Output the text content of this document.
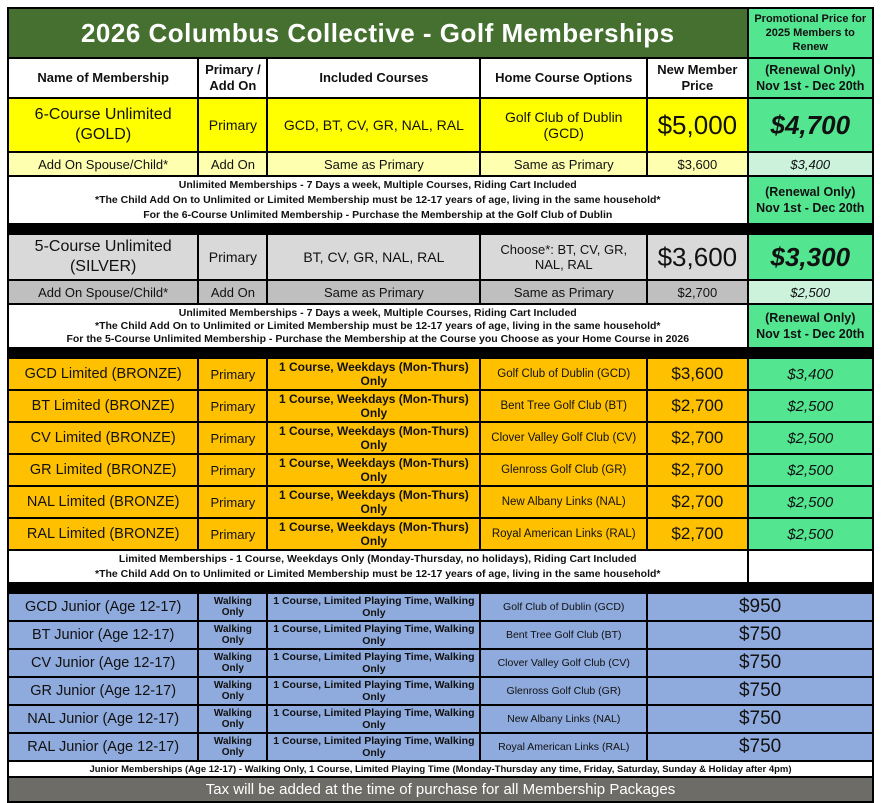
2026 Columbus Collective - Golf Memberships					Promotional Price for 2025 Members to Renew
Name of Membership	Primary / Add On	Included Courses	Home Course Options	New Member Price	(Renewal Only)
Nov 1st - Dec 20th

6-Course Unlimited (GOLD)	Primary	GCD, BT, CV, GR, NAL, RAL	Golf Club of Dublin (GCD)	$5,000	$4,700
Add On Spouse/Child*	Add On	Same as Primary	Same as Primary	$3,600	$3,400

Unlimited Memberships - 7 Days a week, Multiple Courses, Riding Cart Included
*The Child Add On to Unlimited or Limited Membership must be 12-17 years of age, living in the same household*
For the 6-Course Unlimited Membership - Purchase the Membership at the Golf Club of Dublin

(Renewal Only)
Nov 1st - Dec 20th

5-Course Unlimited (SILVER)	Primary	BT, CV, GR, NAL, RAL	Choose*: BT, CV, GR, NAL, RAL	$3,600	$3,300
Add On Spouse/Child*	Add On	Same as Primary	Same as Primary	$2,700	$2,500

Unlimited Memberships - 7 Days a week, Multiple Courses, Riding Cart Included
*The Child Add On to Unlimited or Limited Membership must be 12-17 years of age, living in the same household*
For the 5-Course Unlimited Membership - Purchase the Membership at the Course you Choose as your Home Course in 2026

(Renewal Only)
Nov 1st - Dec 20th

GCD Limited (BRONZE)	Primary	1 Course, Weekdays (Mon-Thurs) Only	Golf Club of Dublin (GCD)	$3,600	$3,400
BT Limited (BRONZE)	Primary	1 Course, Weekdays (Mon-Thurs) Only	Bent Tree Golf Club (BT)	$2,700	$2,500
CV Limited (BRONZE)	Primary	1 Course, Weekdays (Mon-Thurs) Only	Clover Valley Golf Club (CV)	$2,700	$2,500
GR Limited (BRONZE)	Primary	1 Course, Weekdays (Mon-Thurs) Only	Glenross Golf Club (GR)	$2,700	$2,500
NAL Limited (BRONZE)	Primary	1 Course, Weekdays (Mon-Thurs) Only	New Albany Links (NAL)	$2,700	$2,500
RAL Limited (BRONZE)	Primary	1 Course, Weekdays (Mon-Thurs) Only	Royal American Links (RAL)	$2,700	$2,500

Limited Memberships - 1 Course, Weekdays Only (Monday-Thursday, no holidays), Riding Cart Included
*The Child Add On to Unlimited or Limited Membership must be 12-17 years of age, living in the same household*					

GCD Junior (Age 12-17)	Walking Only	1 Course, Limited Playing Time, Walking Only	Golf Club of Dublin (GCD)	$950	
BT Junior (Age 12-17)	Walking Only	1 Course, Limited Playing Time, Walking Only	Bent Tree Golf Club (BT)	$750	
CV Junior (Age 12-17)	Walking Only	1 Course, Limited Playing Time, Walking Only	Clover Valley Golf Club (CV)	$750	
GR Junior (Age 12-17)	Walking Only	1 Course, Limited Playing Time, Walking Only	Glenross Golf Club (GR)	$750	
NAL Junior (Age 12-17)	Walking Only	1 Course, Limited Playing Time, Walking Only	New Albany Links (NAL)	$750	
RAL Junior (Age 12-17)	Walking Only	1 Course, Limited Playing Time, Walking Only	Royal American Links (RAL)	$750	
Junior Memberships (Age 12-17) - Walking Only, 1 Course, Limited Playing Time (Monday-Thursday any time, Friday, Saturday, Sunday & Holiday after 4pm)					
Tax will be added at the time of purchase for all Membership Packages					
